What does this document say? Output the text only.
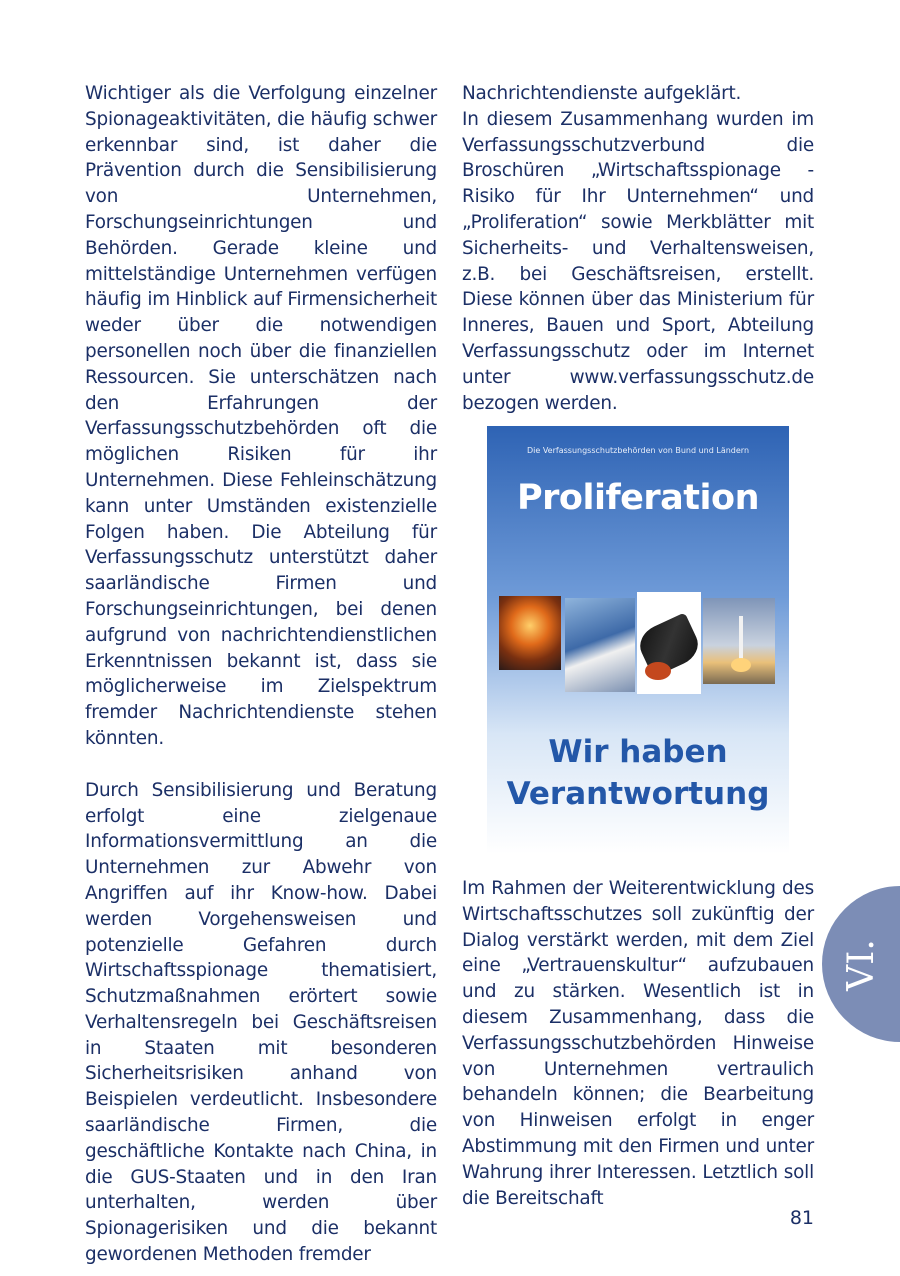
Wichtiger als die Verfolgung einzelner Spionageaktivitäten, die häufig schwer erkennbar sind, ist daher die Prävention durch die Sensibilisierung von Unternehmen, Forschungseinrichtungen und Behörden. Gerade kleine und mittelständige Unternehmen verfügen häufig im Hinblick auf Firmensicherheit weder über die notwendigen personellen noch über die finanziellen Ressourcen. Sie unterschätzen nach den Erfahrungen der Verfassungsschutzbehörden oft die möglichen Risiken für ihr Unternehmen. Diese Fehleinschätzung kann unter Umständen existenzielle Folgen haben. Die Abteilung für Verfassungsschutz unterstützt daher saarländische Firmen und Forschungseinrichtungen, bei denen aufgrund von nachrichtendienstlichen Erkenntnissen bekannt ist, dass sie möglicherweise im Zielspektrum fremder Nachrichtendienste stehen könnten.

Durch Sensibilisierung und Beratung erfolgt eine zielgenaue Informationsvermittlung an die Unternehmen zur Abwehr von Angriffen auf ihr Know-how. Dabei werden Vorgehensweisen und potenzielle Gefahren durch Wirtschaftsspionage thematisiert, Schutzmaßnahmen erörtert sowie Verhaltensregeln bei Geschäftsreisen in Staaten mit besonderen Sicherheitsrisiken anhand von Beispielen verdeutlicht. Insbesondere saarländische Firmen, die geschäftliche Kontakte nach China, in die GUS-Staaten und in den Iran unterhalten, werden über Spionagerisiken und die bekannt gewordenen Methoden fremder

Nachrichtendienste aufgeklärt.

In diesem Zusammenhang wurden im Verfassungsschutzverbund die Broschüren „Wirtschaftsspionage - Risiko für Ihr Unternehmen“ und „Proliferation“ sowie Merkblätter mit Sicherheits- und Verhaltensweisen, z.B. bei Geschäftsreisen, erstellt. Diese können über das Ministerium für Inneres, Bauen und Sport, Abteilung Verfassungsschutz oder im Internet unter www.verfassungsschutz.de bezogen werden.

Die Verfassungsschutzbehörden von Bund und Ländern
Proliferation
Wir haben
Verantwortung

Im Rahmen der Weiterentwicklung des Wirtschaftsschutzes soll zukünftig der Dialog verstärkt werden, mit dem Ziel eine „Vertrauenskultur“ aufzubauen und zu stärken. Wesentlich ist in diesem Zusammenhang, dass die Verfassungsschutzbehörden Hinweise von Unternehmen vertraulich behandeln können; die Bearbeitung von Hinweisen erfolgt in enger Abstimmung mit den Firmen und unter Wahrung ihrer Interessen. Letztlich soll die Bereitschaft

VI.
81
